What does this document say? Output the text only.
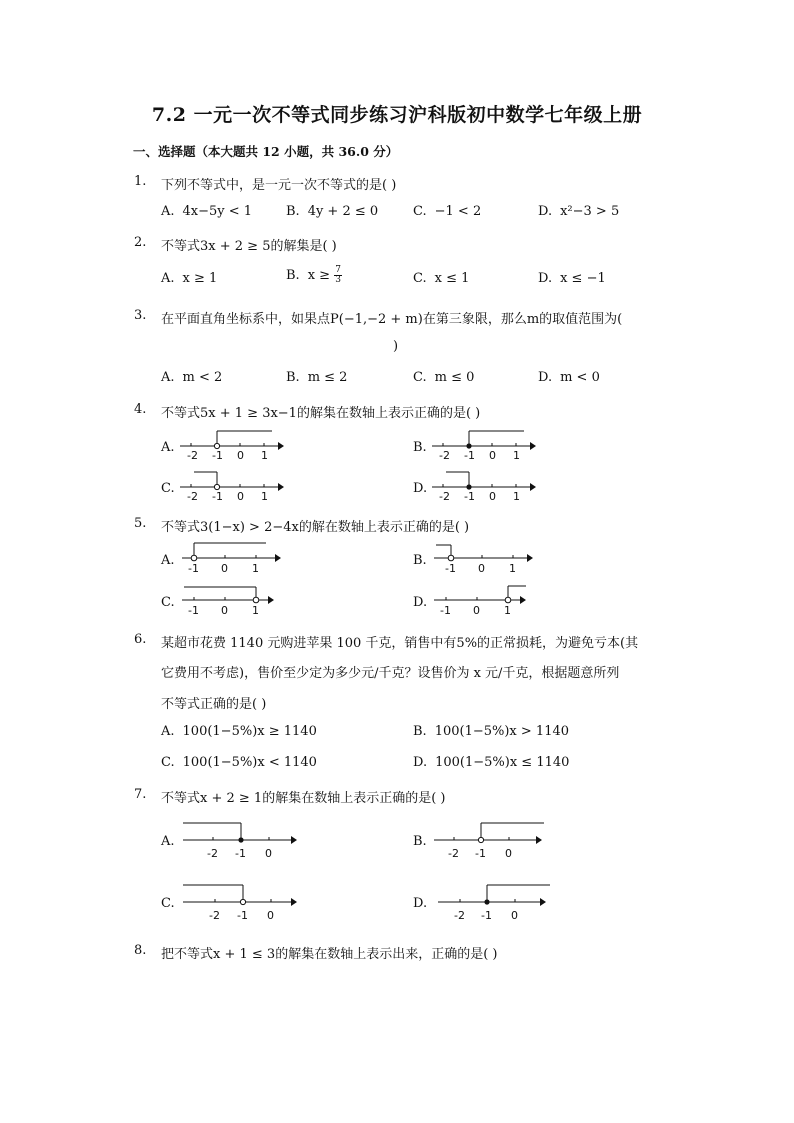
7.2 一元一次不等式同步练习沪科版初中数学七年级上册
一、选择题（本大题共 12 小题，共 36.0 分）
1.	下列不等式中，是一元一次不等式的是( )
A. 4x−5y < 1	B. 4y + 2 ≤ 0	C. −1 < 2	D. x²−3 > 5
2.	不等式3x + 2 ≥ 5的解集是( )
A. x ≥ 1	B. $x \ge \frac{7}{3}$	C. x ≤ 1	D. x ≤ −1
3.	在平面直角坐标系中，如果点P(−1,−2 + m)在第三象限，那么m的取值范围为(
)
A. m < 2	B. m ≤ 2	C. m ≤ 0	D. m < 0
4.	不等式5x + 1 ≥ 3x−1的解集在数轴上表示正确的是( )
A.	B.
C.	D.
-2 -1 0 1	-2 -1 0 1
-2 -1 0 1	-2 -1 0 1
5.	不等式3(1−x) > 2−4x的解在数轴上表示正确的是( )
A.	B.
C.	D.
-1 0 1	-1 0 1
-1 0 1	-1 0 1
6.	某超市花费 1140 元购进苹果 100 千克，销售中有5%的正常损耗，为避免亏本(其
它费用不考虑)，售价至少定为多少元/千克？设售价为 x 元/千克，根据题意所列
不等式正确的是( )
A. 100(1−5%)x ≥ 1140	B. 100(1−5%)x > 1140
C. 100(1−5%)x < 1140	D. 100(1−5%)x ≤ 1140
7.	不等式x + 2 ≥ 1的解集在数轴上表示正确的是( )
A.	B.
C.	D.
-2 -1 0	-2 -1 0
-2 -1 0	-2 -1 0
8.	把不等式x + 1 ≤ 3的解集在数轴上表示出来，正确的是( )
